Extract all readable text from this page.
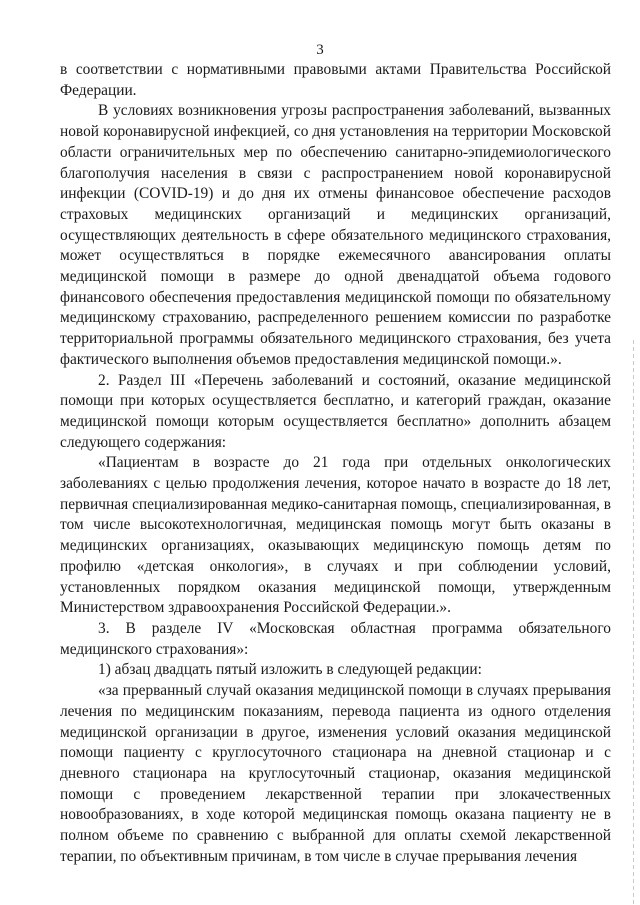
3

в соответствии с нормативными правовыми актами Правительства Российской Федерации.

В условиях возникновения угрозы распространения заболеваний, вызванных новой коронавирусной инфекцией, со дня установления на территории Московской области ограничительных мер по обеспечению санитарно-эпидемиологического благополучия населения в связи с распространением новой коронавирусной инфекции (COVID-19) и до дня их отмены финансовое обеспечение расходов страховых медицинских организаций и медицинских организаций, осуществляющих деятельность в сфере обязательного медицинского страхования, может осуществляться в порядке ежемесячного авансирования оплаты медицинской помощи в размере до одной двенадцатой объема годового финансового обеспечения предоставления медицинской помощи по обязательному медицинскому страхованию, распределенного решением комиссии по разработке территориальной программы обязательного медицинского страхования, без учета фактического выполнения объемов предоставления медицинской помощи.».

2. Раздел III «Перечень заболеваний и состояний, оказание медицинской помощи при которых осуществляется бесплатно, и категорий граждан, оказание медицинской помощи которым осуществляется бесплатно» дополнить абзацем следующего содержания:

«Пациентам в возрасте до 21 года при отдельных онкологических заболеваниях с целью продолжения лечения, которое начато в возрасте до 18 лет, первичная специализированная медико-санитарная помощь, специализированная, в том числе высокотехнологичная, медицинская помощь могут быть оказаны в медицинских организациях, оказывающих медицинскую помощь детям по профилю «детская онкология», в случаях и при соблюдении условий, установленных порядком оказания медицинской помощи, утвержденным Министерством здравоохранения Российской Федерации.».

3. В разделе IV «Московская областная программа обязательного медицинского страхования»:

1) абзац двадцать пятый изложить в следующей редакции:

«за прерванный случай оказания медицинской помощи в случаях прерывания лечения по медицинским показаниям, перевода пациента из одного отделения медицинской организации в другое, изменения условий оказания медицинской помощи пациенту с круглосуточного стационара на дневной стационар и с дневного стационара на круглосуточный стационар, оказания медицинской помощи с проведением лекарственной терапии при злокачественных новообразованиях, в ходе которой медицинская помощь оказана пациенту не в полном объеме по сравнению с выбранной для оплаты схемой лекарственной терапии, по объективным причинам, в том числе в случае прерывания лечения
